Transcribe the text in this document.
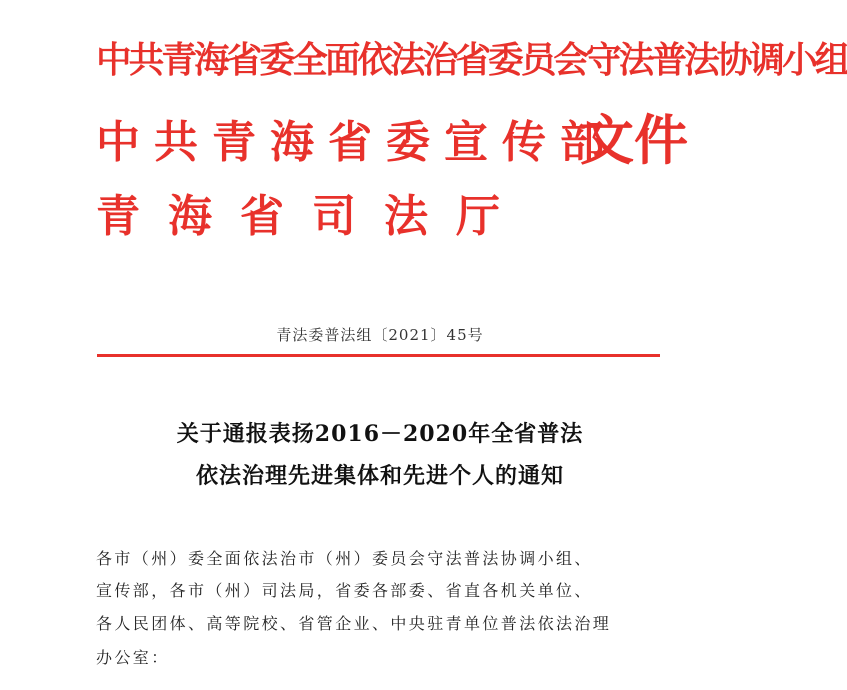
中共青海省委全面依法治省委员会守法普法协调小组
中共青海省委宣传部
青海省司法厅
文件
青法委普法组〔2021〕45号
关于通报表扬2016－2020年全省普法
依法治理先进集体和先进个人的通知
各市（州）委全面依法治市（州）委员会守法普法协调小组、
宣传部，各市（州）司法局，省委各部委、省直各机关单位、
各人民团体、高等院校、省管企业、中央驻青单位普法依法治理
办公室：
